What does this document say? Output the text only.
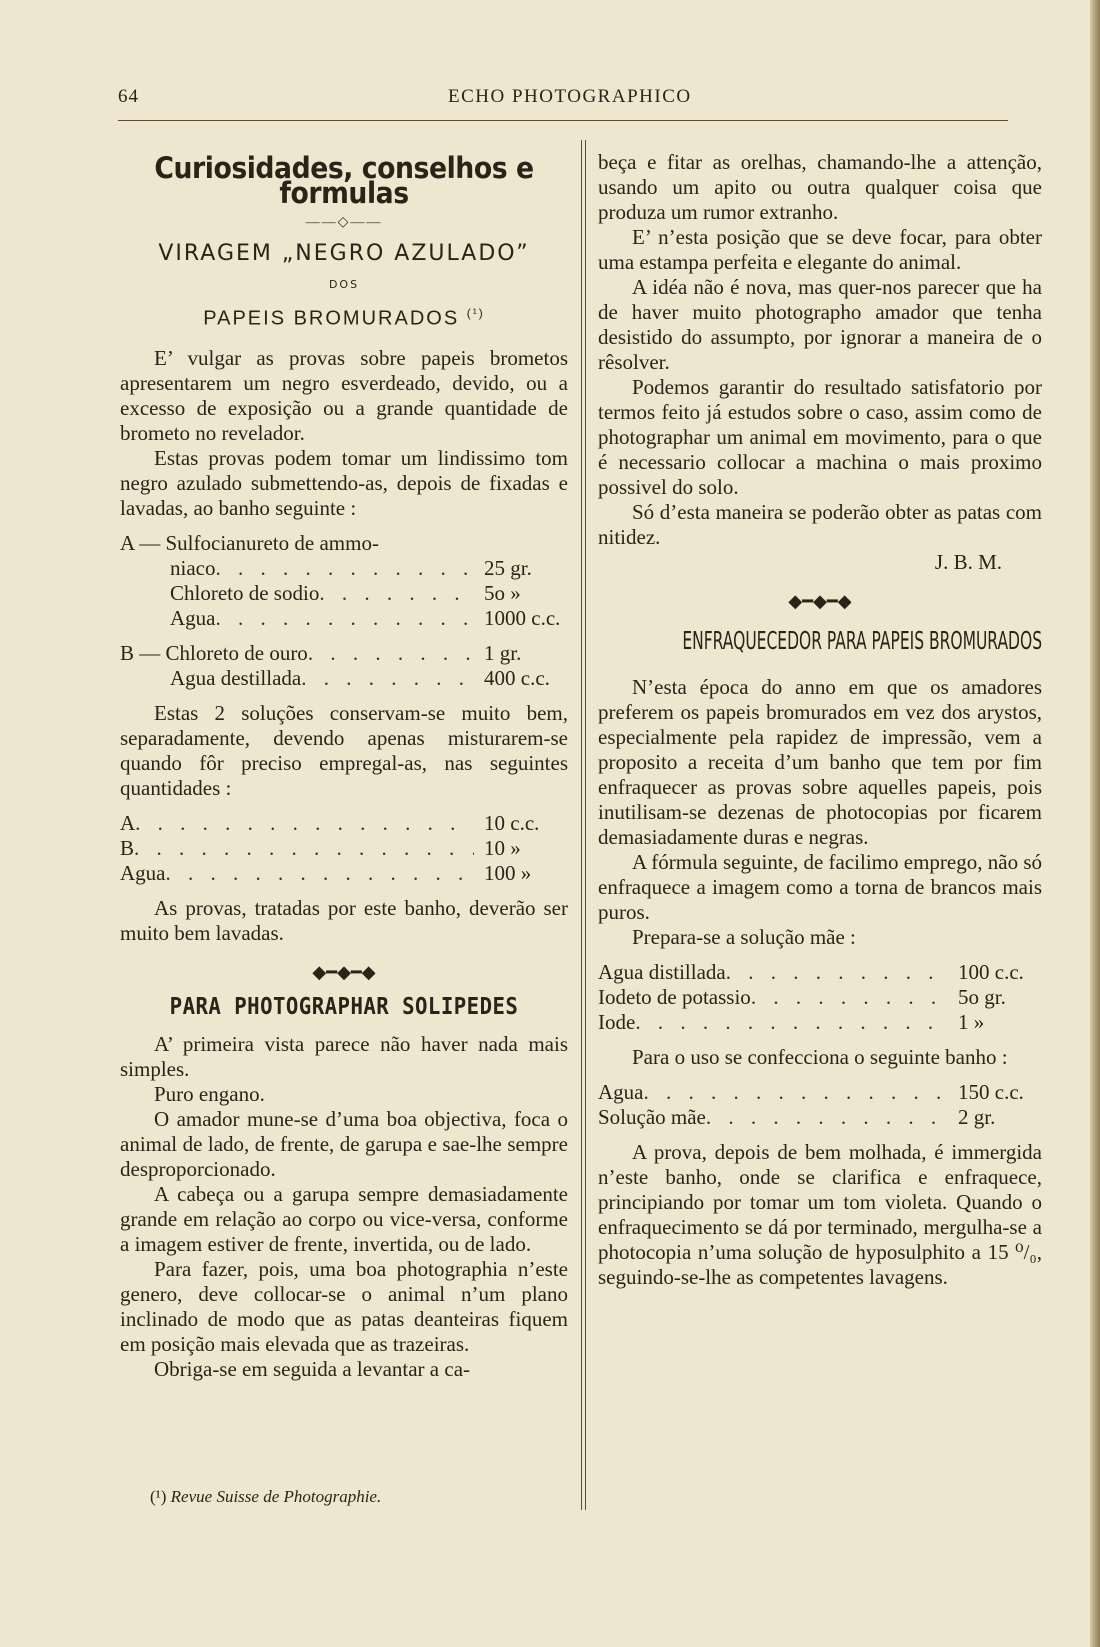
64	ECHO PHOTOGRAPHICO
Curiosidades, conselhos e formulas
——◇——
VIRAGEM „NEGRO AZULADO”
DOS
PAPEIS BROMURADOS $^{(^1)}$

E’ vulgar as provas sobre papeis brometos apresentarem um negro esverdeado, devido, ou a excesso de exposição ou a grande quantidade de brometo no revelador.

Estas provas podem tomar um lindissimo tom negro azulado submettendo-as, depois de fixadas e lavadas, ao banho seguinte :

A — Sulfocianureto de ammo-
niaco . . .	25 gr.
Chloreto de sodio . . .	5o »
Agua . . .	1000 c.c.
B — Chloreto de ouro . . .	1 gr.
Agua destillada . . .	400 c.c.

Estas 2 soluções conservam-se muito bem, separadamente, devendo apenas misturarem-se quando fôr preciso empregal-as, nas seguintes quantidades :

A . . .	10 c.c.
B . . .	10 »
Agua . . .	100 »

As provas, tratadas por este banho, deverão ser muito bem lavadas.

◆━◆━◆
PARA PHOTOGRAPHAR SOLIPEDES

A’ primeira vista parece não haver nada mais simples.

Puro engano.

O amador mune-se d’uma boa objectiva, foca o animal de lado, de frente, de garupa e sae-lhe sempre desproporcionado.

A cabeça ou a garupa sempre demasiadamente grande em relação ao corpo ou vice-versa, conforme a imagem estiver de frente, invertida, ou de lado.

Para fazer, pois, uma boa photographia n’este genero, deve collocar-se o animal n’um plano inclinado de modo que as patas deanteiras fiquem em posição mais elevada que as trazeiras.

Obriga-se em seguida a levantar a ca-

beça e fitar as orelhas, chamando-lhe a attenção, usando um apito ou outra qualquer coisa que produza um rumor extranho.

E’ n’esta posição que se deve focar, para obter uma estampa perfeita e elegante do animal.

A idéa não é nova, mas quer-nos parecer que ha de haver muito photographo amador que tenha desistido do assumpto, por ignorar a maneira de o rêsolver.

Podemos garantir do resultado satisfatorio por termos feito já estudos sobre o caso, assim como de photographar um animal em movimento, para o que é necessario collocar a machina o mais proximo possivel do solo.

Só d’esta maneira se poderão obter as patas com nitidez.

J. B. M.
◆━◆━◆
ENFRAQUECEDOR PARA PAPEIS BROMURADOS

N’esta época do anno em que os amadores preferem os papeis bromurados em vez dos arystos, especialmente pela rapidez de impressão, vem a proposito a receita d’um banho que tem por fim enfraquecer as provas sobre aquelles papeis, pois inutilisam-se dezenas de photocopias por ficarem demasiadamente duras e negras.

A fórmula seguinte, de facilimo emprego, não só enfraquece a imagem como a torna de brancos mais puros.

Prepara-se a solução mãe :

Agua distillada . . .	100 c.c.
Iodeto de potassio . . .	5o gr.
Iode . . .	1 »

Para o uso se confecciona o seguinte banho :

Agua . . .	150 c.c.
Solução mãe . . .	2 gr.

A prova, depois de bem molhada, é immergida n’este banho, onde se clarifica e enfraquece, principiando por tomar um tom violeta. Quando o enfraquecimento se dá por terminado, mergulha-se a photocopia n’uma solução de hyposulphito a 15 ⁰/₀, seguindo-se-lhe as competentes lavagens.

(¹) Revue Suisse de Photographie.
